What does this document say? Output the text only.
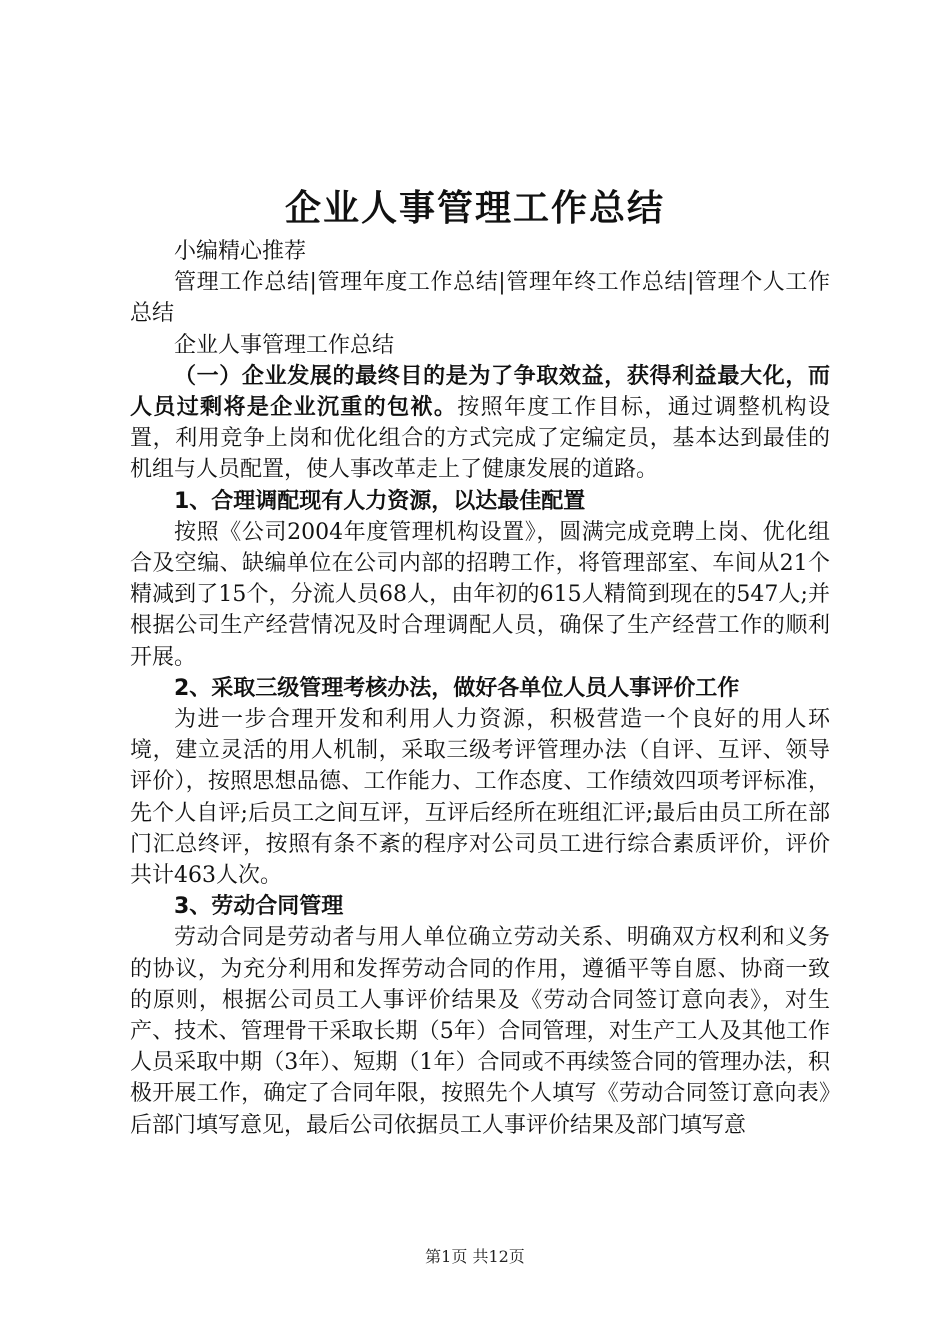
企业人事管理工作总结

小编精心推荐

管理工作总结|管理年度工作总结|管理年终工作总结|管理个人工作总结

企业人事管理工作总结

（一）企业发展的最终目的是为了争取效益，获得利益最大化，而人员过剩将是企业沉重的包袱。按照年度工作目标，通过调整机构设置，利用竞争上岗和优化组合的方式完成了定编定员，基本达到最佳的机组与人员配置，使人事改革走上了健康发展的道路。

1、合理调配现有人力资源，以达最佳配置

按照《公司2004年度管理机构设置》，圆满完成竞聘上岗、优化组合及空编、缺编单位在公司内部的招聘工作，将管理部室、车间从21个精减到了15个，分流人员68人，由年初的615人精简到现在的547人;并根据公司生产经营情况及时合理调配人员，确保了生产经营工作的顺利开展。

2、采取三级管理考核办法，做好各单位人员人事评价工作

为进一步合理开发和利用人力资源，积极营造一个良好的用人环境，建立灵活的用人机制，采取三级考评管理办法（自评、互评、领导评价），按照思想品德、工作能力、工作态度、工作绩效四项考评标准，先个人自评;后员工之间互评，互评后经所在班组汇评;最后由员工所在部门汇总终评，按照有条不紊的程序对公司员工进行综合素质评价，评价共计463人次。

3、劳动合同管理

劳动合同是劳动者与用人单位确立劳动关系、明确双方权利和义务的协议，为充分利用和发挥劳动合同的作用，遵循平等自愿、协商一致的原则，根据公司员工人事评价结果及《劳动合同签订意向表》，对生产、技术、管理骨干采取长期（5年）合同管理，对生产工人及其他工作人员采取中期（3年）、短期（1年）合同或不再续签合同的管理办法，积极开展工作，确定了合同年限，按照先个人填写《劳动合同签订意向表》后部门填写意见，最后公司依据员工人事评价结果及部门填写意

第1页 共12页
